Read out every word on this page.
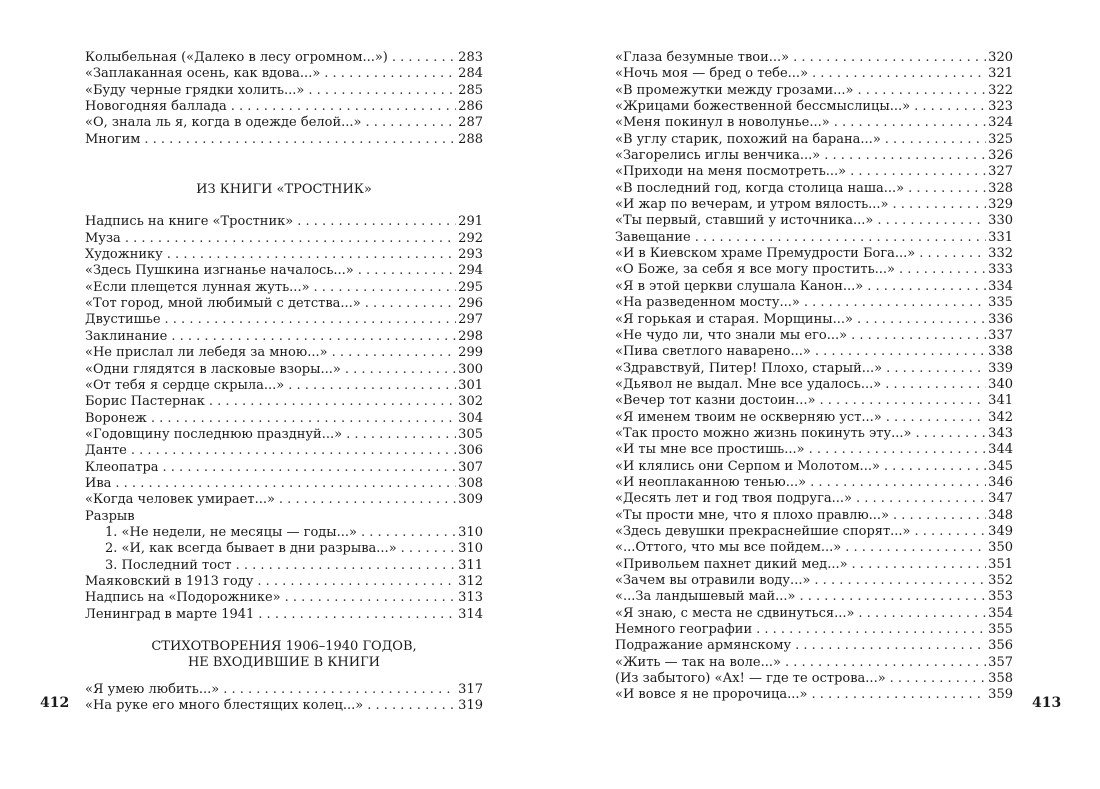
Колыбельная («Далеко в лесу огромном...») . . .	283
«Заплаканная осень, как вдова...» . . .	284
«Буду черные грядки холить...» . . .	285
Новогодняя баллада . . .	286
«О, знала ль я, когда в одежде белой...» . . .	287
Многим . . .	288
ИЗ КНИГИ «ТРОСТНИК»
Надпись на книге «Тростник» . . .	291
Муза . . .	292
Художнику . . .	293
«Здесь Пушкина изгнанье началось...» . . .	294
«Если плещется лунная жуть...» . . .	295
«Тот город, мной любимый с детства...» . . .	296
Двустишье . . .	297
Заклинание . . .	298
«Не прислал ли лебедя за мною...» . . .	299
«Одни глядятся в ласковые взоры...» . . .	300
«От тебя я сердце скрыла...» . . .	301
Борис Пастернак . . .	302
Воронеж . . .	304
«Годовщину последнюю празднуй...» . . .	305
Данте . . .	306
Клеопатра . . .	307
Ива . . .	308
«Когда человек умирает...» . . .	309
Разрыв
1. «Не недели, не месяцы — годы...» . . .	310
2. «И, как всегда бывает в дни разрыва...» . . .	310
3. Последний тост . . .	311
Маяковский в 1913 году . . .	312
Надпись на «Подорожнике» . . .	313
Ленинград в марте 1941 . . .	314
СТИХОТВОРЕНИЯ 1906–1940 ГОДОВ,
НЕ ВХОДИВШИЕ В КНИГИ
«Я умею любить...» . . .	317
«На руке его много блестящих колец...» . . .	319
«Глаза безумные твои...» . . .	320
«Ночь моя — бред о тебе...» . . .	321
«В промежутки между грозами...» . . .	322
«Жрицами божественной бессмыслицы...» . . .	323
«Меня покинул в новолунье...» . . .	324
«В углу старик, похожий на барана...» . . .	325
«Загорелись иглы венчика...» . . .	326
«Приходи на меня посмотреть...» . . .	327
«В последний год, когда столица наша...» . . .	328
«И жар по вечерам, и утром вялость...» . . .	329
«Ты первый, ставший у источника...» . . .	330
Завещание . . .	331
«И в Киевском храме Премудрости Бога...» . . .	332
«О Боже, за себя я все могу простить...» . . .	333
«Я в этой церкви слушала Канон...» . . .	334
«На разведенном мосту...» . . .	335
«Я горькая и старая. Морщины...» . . .	336
«Не чудо ли, что знали мы его...» . . .	337
«Пива светлого наварено...» . . .	338
«Здравствуй, Питер! Плохо, старый...» . . .	339
«Дьявол не выдал. Мне все удалось...» . . .	340
«Вечер тот казни достоин...» . . .	341
«Я именем твоим не оскверняю уст...» . . .	342
«Так просто можно жизнь покинуть эту...» . . .	343
«И ты мне все простишь...» . . .	344
«И клялись они Серпом и Молотом...» . . .	345
«И неоплаканною тенью...» . . .	346
«Десять лет и год твоя подруга...» . . .	347
«Ты прости мне, что я плохо правлю...» . . .	348
«Здесь девушки прекраснейшие спорят...» . . .	349
«...Оттого, что мы все пойдем...» . . .	350
«Привольем пахнет дикий мед...» . . .	351
«Зачем вы отравили воду...» . . .	352
«...За ландышевый май...» . . .	353
«Я знаю, с места не сдвинуться...» . . .	354
Немного географии . . .	355
Подражание армянскому . . .	356
«Жить — так на воле...» . . .	357
(Из забытого) «Ах! — где те острова...» . . .	358
«И вовсе я не пророчица...» . . .	359
412	413
